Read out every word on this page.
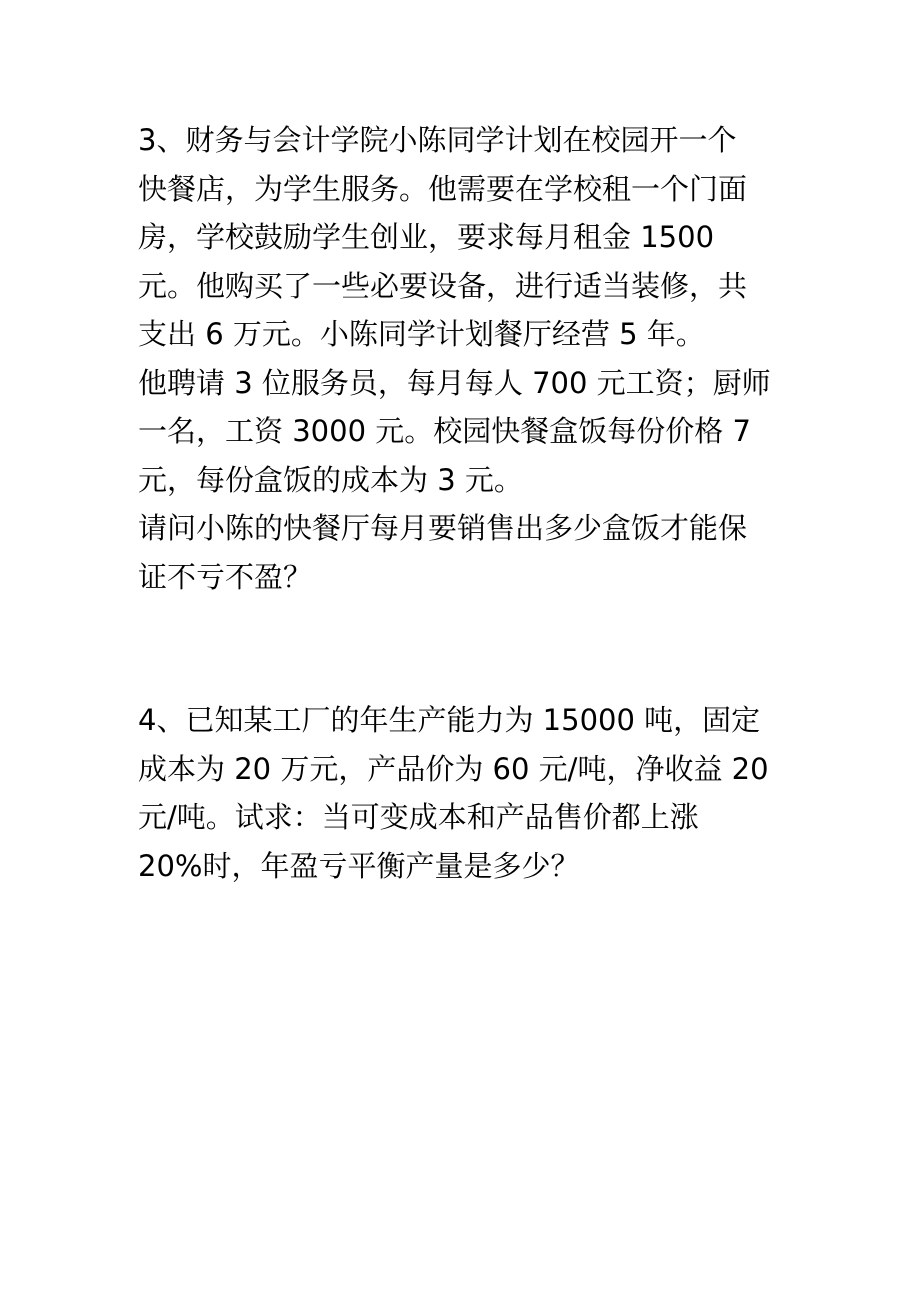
3、财务与会计学院小陈同学计划在校园开一个
快餐店，为学生服务。他需要在学校租一个门面
房，学校鼓励学生创业，要求每月租金 1500
元。他购买了一些必要设备，进行适当装修，共
支出 6 万元。小陈同学计划餐厅经营 5 年。
他聘请 3 位服务员，每月每人 700 元工资；厨师
一名，工资 3000 元。校园快餐盒饭每份价格 7
元，每份盒饭的成本为 3 元。
请问小陈的快餐厅每月要销售出多少盒饭才能保
证不亏不盈？
4、已知某工厂的年生产能力为 15000 吨，固定
成本为 20 万元，产品价为 60 元/吨，净收益 20
元/吨。试求：当可变成本和产品售价都上涨
20%时，年盈亏平衡产量是多少？
